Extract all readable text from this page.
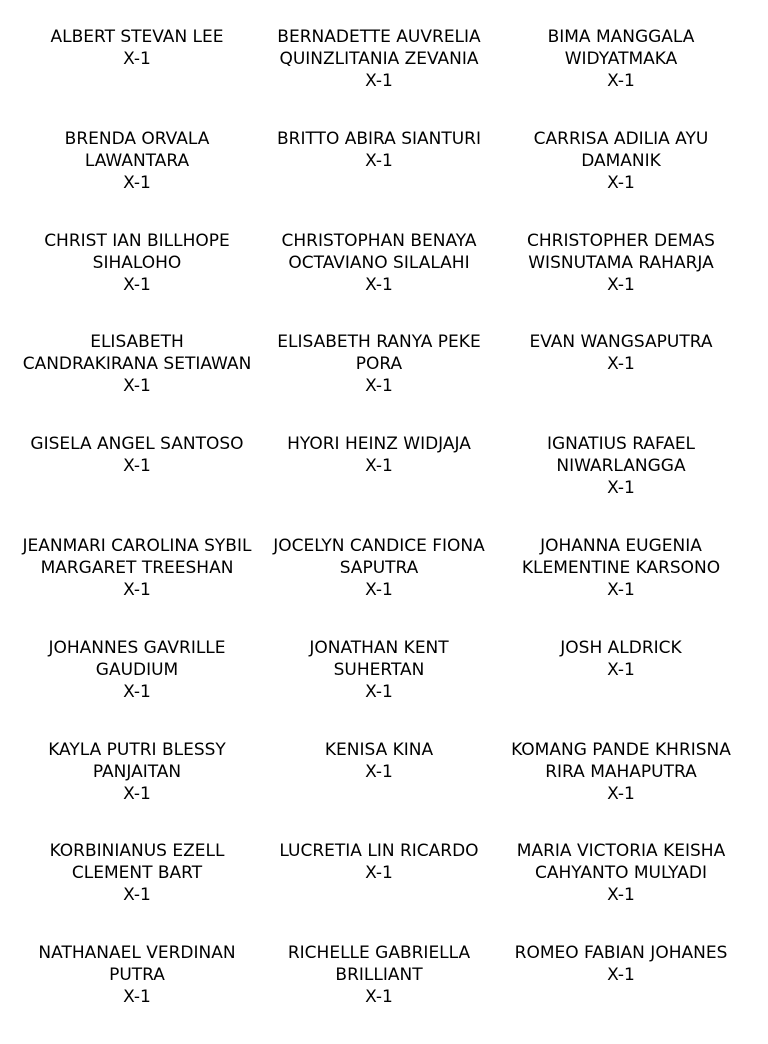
ALBERT STEVAN LEE
X-1
BERNADETTE AUVRELIA QUINZLITANIA ZEVANIA
X-1
BIMA MANGGALA WIDYATMAKA
X-1
BRENDA ORVALA LAWANTARA
X-1
BRITTO ABIRA SIANTURI
X-1
CARRISA ADILIA AYU DAMANIK
X-1
CHRIST IAN BILLHOPE SIHALOHO
X-1
CHRISTOPHAN BENAYA OCTAVIANO SILALAHI
X-1
CHRISTOPHER DEMAS WISNUTAMA RAHARJA
X-1
ELISABETH CANDRAKIRANA SETIAWAN
X-1
ELISABETH RANYA PEKE PORA
X-1
EVAN WANGSAPUTRA
X-1
GISELA ANGEL SANTOSO
X-1
HYORI HEINZ WIDJAJA
X-1
IGNATIUS RAFAEL NIWARLANGGA
X-1
JEANMARI CAROLINA SYBIL MARGARET TREESHAN
X-1
JOCELYN CANDICE FIONA SAPUTRA
X-1
JOHANNA EUGENIA KLEMENTINE KARSONO
X-1
JOHANNES GAVRILLE GAUDIUM
X-1
JONATHAN KENT SUHERTAN
X-1
JOSH ALDRICK
X-1
KAYLA PUTRI BLESSY PANJAITAN
X-1
KENISA KINA
X-1
KOMANG PANDE KHRISNA RIRA MAHAPUTRA
X-1
KORBINIANUS EZELL CLEMENT BART
X-1
LUCRETIA LIN RICARDO
X-1
MARIA VICTORIA KEISHA CAHYANTO MULYADI
X-1
NATHANAEL VERDINAN PUTRA
X-1
RICHELLE GABRIELLA BRILLIANT
X-1
ROMEO FABIAN JOHANES
X-1
